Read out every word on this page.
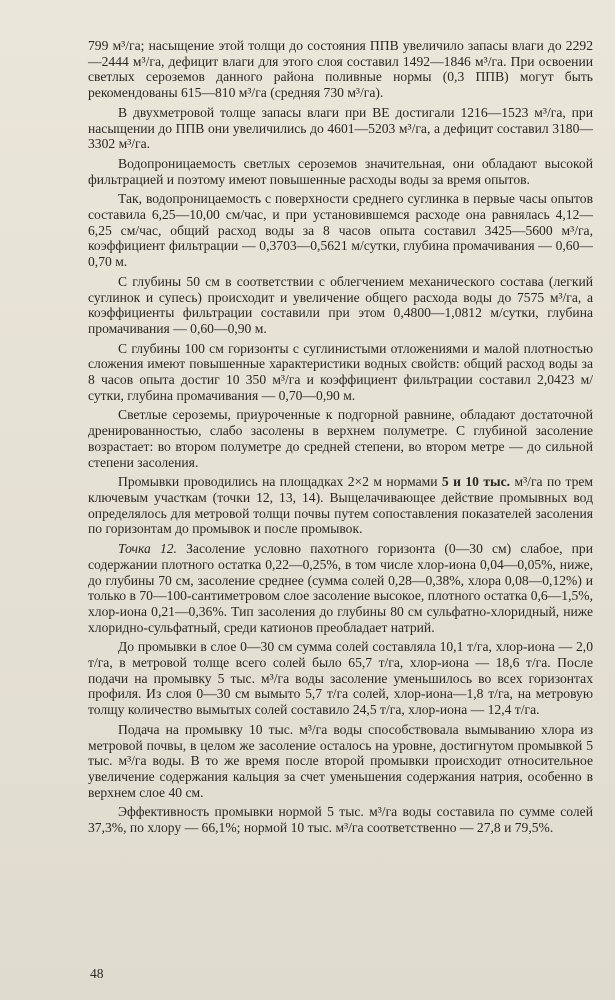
799 м³/га; насыщение этой толщи до состояния ППВ увеличило запасы влаги до 2292—2444 м³/га, дефицит влаги для этого слоя составил 1492—1846 м³/га. При освоении светлых сероземов данного района поливные нормы (0,3 ППВ) могут быть рекомендованы 615—810 м³/га (средняя 730 м³/га).

В двухметровой толще запасы влаги при ВЕ достигали 1216—1523 м³/га, при насыщении до ППВ они увеличились до 4601—5203 м³/га, а дефицит составил 3180—3302 м³/га.

Водопроницаемость светлых сероземов значительная, они обладают высокой фильтрацией и поэтому имеют повышенные расходы воды за время опытов.

Так, водопроницаемость с поверхности среднего суглинка в первые часы опытов составила 6,25—10,00 см/час, и при установившемся расходе она равнялась 4,12—6,25 см/час, общий расход воды за 8 часов опыта составил 3425—5600 м³/га, коэффициент фильтрации — 0,3703—0,5621 м/сутки, глубина промачивания — 0,60—0,70 м.

С глубины 50 см в соответствии с облегчением механического состава (легкий суглинок и супесь) происходит и увеличение общего расхода воды до 7575 м³/га, а коэффициенты фильтрации составили при этом 0,4800—1,0812 м/сутки, глубина промачивания — 0,60—0,90 м.

С глубины 100 см горизонты с суглинистыми отложениями и малой плотностью сложения имеют повышенные характеристики водных свойств: общий расход воды за 8 часов опыта достиг 10 350 м³/га и коэффициент фильтрации составил 2,0423 м/сутки, глубина промачивания — 0,70—0,90 м.

Светлые сероземы, приуроченные к подгорной равнине, обладают достаточной дренированностью, слабо засолены в верхнем полуметре. С глубиной засоление возрастает: во втором полуметре до средней степени, во втором метре — до сильной степени засоления.

Промывки проводились на площадках 2×2 м нормами 5 и 10 тыс. м³/га по трем ключевым участкам (точки 12, 13, 14). Выщелачивающее действие промывных вод определялось для метровой толщи почвы путем сопоставления показателей засоления по горизонтам до промывок и после промывок.

Точка 12. Засоление условно пахотного горизонта (0—30 см) слабое, при содержании плотного остатка 0,22—0,25%, в том числе хлор-иона 0,04—0,05%, ниже, до глубины 70 см, засоление среднее (сумма солей 0,28—0,38%, хлора 0,08—0,12%) и только в 70—100-сантиметровом слое засоление высокое, плотного остатка 0,6—1,5%, хлор-иона 0,21—0,36%. Тип засоления до глубины 80 см сульфатно-хлоридный, ниже хлоридно-сульфатный, среди катионов преобладает натрий.

До промывки в слое 0—30 см сумма солей составляла 10,1 т/га, хлор-иона — 2,0 т/га, в метровой толще всего солей было 65,7 т/га, хлор-иона — 18,6 т/га. После подачи на промывку 5 тыс. м³/га воды засоление уменьшилось во всех горизонтах профиля. Из слоя 0—30 см вымыто 5,7 т/га солей, хлор-иона—1,8 т/га, на метровую толщу количество вымытых солей составило 24,5 т/га, хлор-иона — 12,4 т/га.

Подача на промывку 10 тыс. м³/га воды способствовала вымыванию хлора из метровой почвы, в целом же засоление осталось на уровне, достигнутом промывкой 5 тыс. м³/га воды. В то же время после второй промывки происходит относительное увеличение содержания кальция за счет уменьшения содержания натрия, особенно в верхнем слое 40 см.

Эффективность промывки нормой 5 тыс. м³/га воды составила по сумме солей 37,3%, по хлору — 66,1%; нормой 10 тыс. м³/га соответственно — 27,8 и 79,5%.

48
